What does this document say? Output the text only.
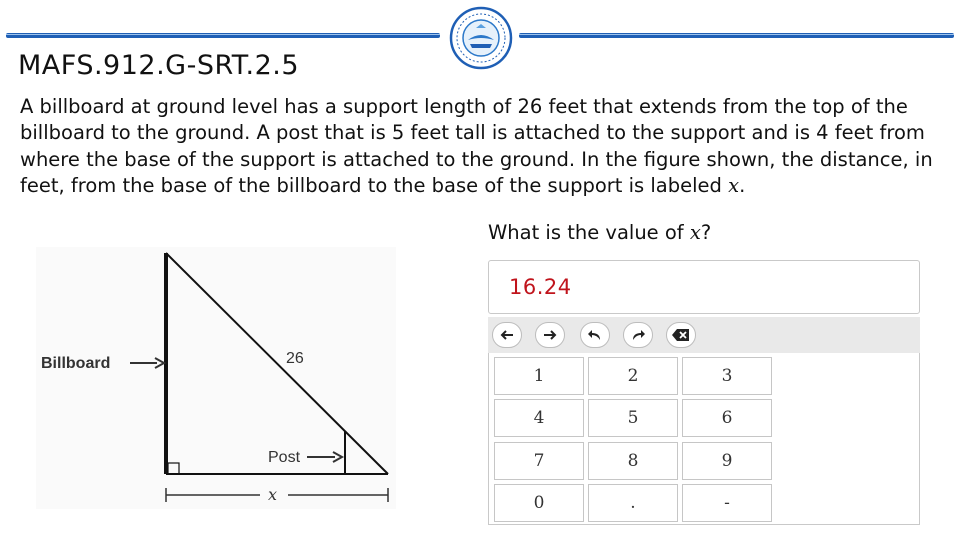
MAFS.912.G-SRT.2.5
A billboard at ground level has a support length of 26 feet that extends from the top of the billboard to the ground. A post that is 5 feet tall is attached to the support and is 4 feet from where the base of the support is attached to the ground. In the figure shown, the distance, in feet, from the base of the billboard to the base of the support is labeled x.
What is the value of x?
Billboard	26
Post
x
16.24
1	2	3
4	5	6
7	8	9
0	.	-
